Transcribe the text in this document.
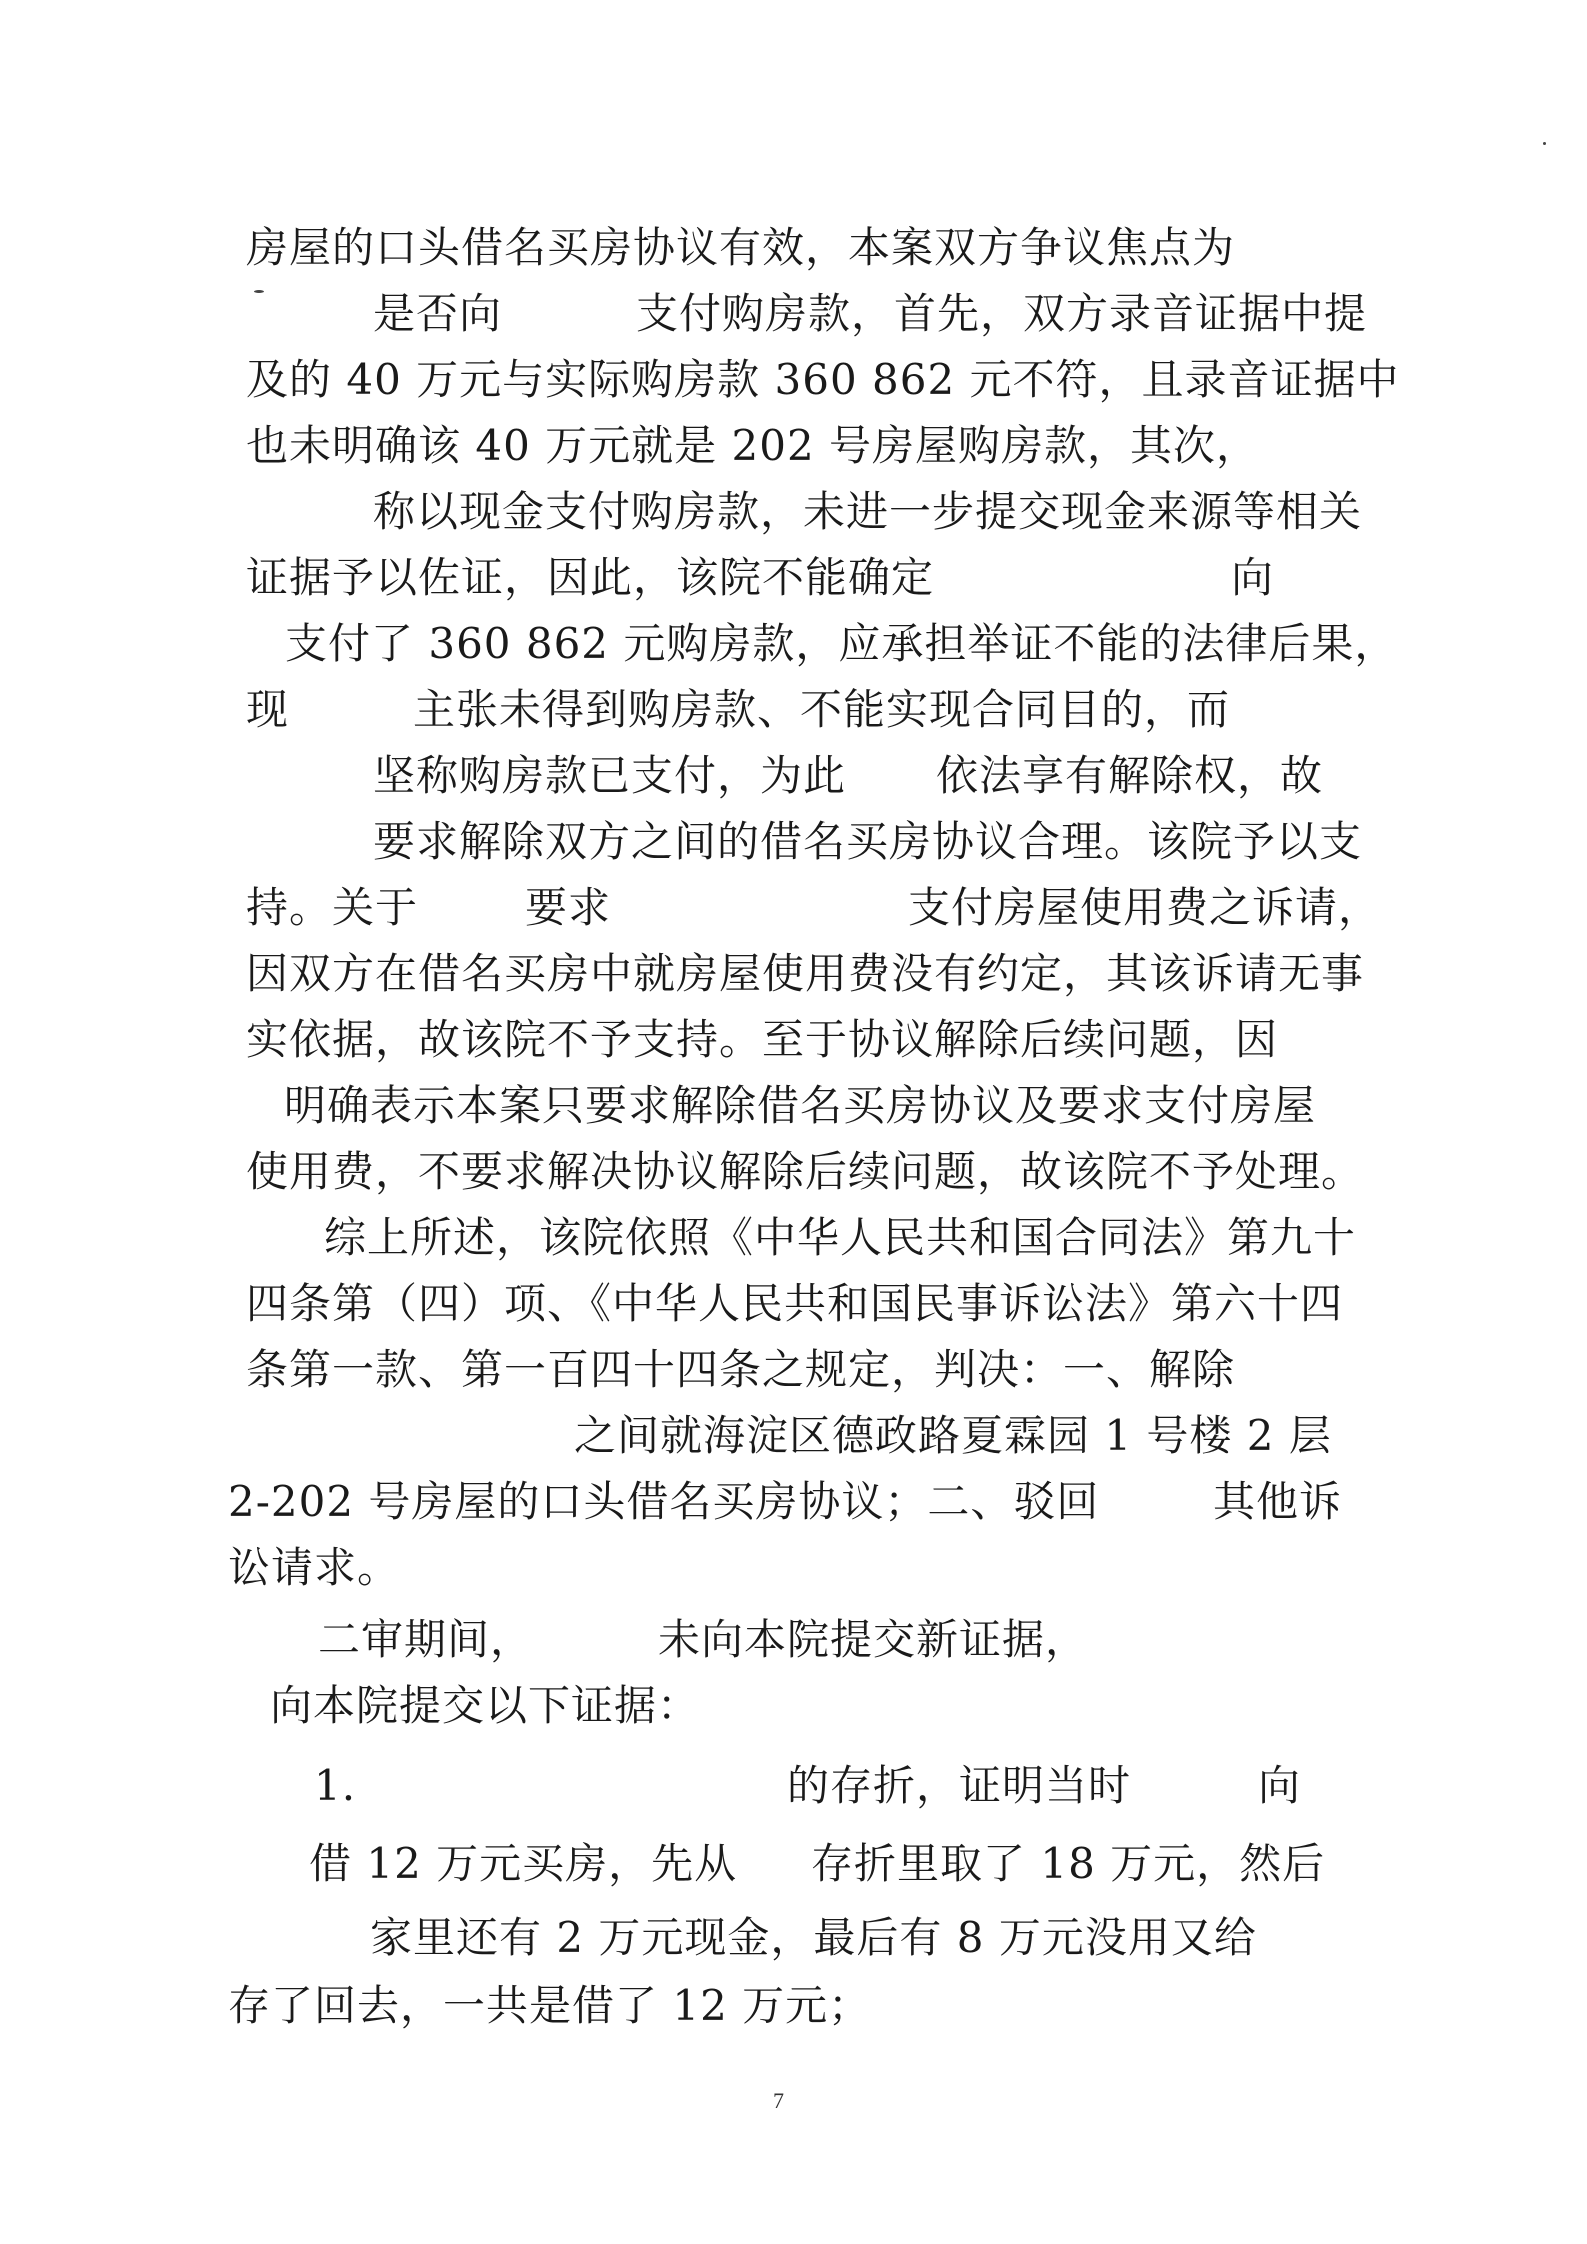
房屋的口头借名买房协议有效，本案双方争议焦点为
是否向	支付购房款，首先，双方录音证据中提
及的 40 万元与实际购房款 360 862 元不符，且录音证据中
也未明确该 40 万元就是 202 号房屋购房款，其次，
称以现金支付购房款，未进一步提交现金来源等相关
证据予以佐证，因此，该院不能确定	向
支付了 360 862 元购房款，应承担举证不能的法律后果，
现	主张未得到购房款、不能实现合同目的，而
坚称购房款已支付，为此 依法享有解除权，故
要求解除双方之间的借名买房协议合理。该院予以支
持。关于	要求	支付房屋使用费之诉请，
因双方在借名买房中就房屋使用费没有约定，其该诉请无事
实依据，故该院不予支持。至于协议解除后续问题，因
明确表示本案只要求解除借名买房协议及要求支付房屋
使用费，不要求解决协议解除后续问题，故该院不予处理。
综上所述，该院依照《中华人民共和国合同法》第九十
四条第（四）项、《中华人民共和国民事诉讼法》第六十四
条第一款、第一百四十四条之规定，判决：一、解除
之间就海淀区德政路夏霖园 1 号楼 2 层
2-202 号房屋的口头借名买房协议；二、驳回	其他诉
讼请求。
二审期间，	未向本院提交新证据，
向本院提交以下证据：
1.	的存折，证明当时	向
借 12 万元买房，先从 存折里取了 18 万元，然后
家里还有 2 万元现金，最后有 8 万元没用又给
存了回去，一共是借了 12 万元；
7
